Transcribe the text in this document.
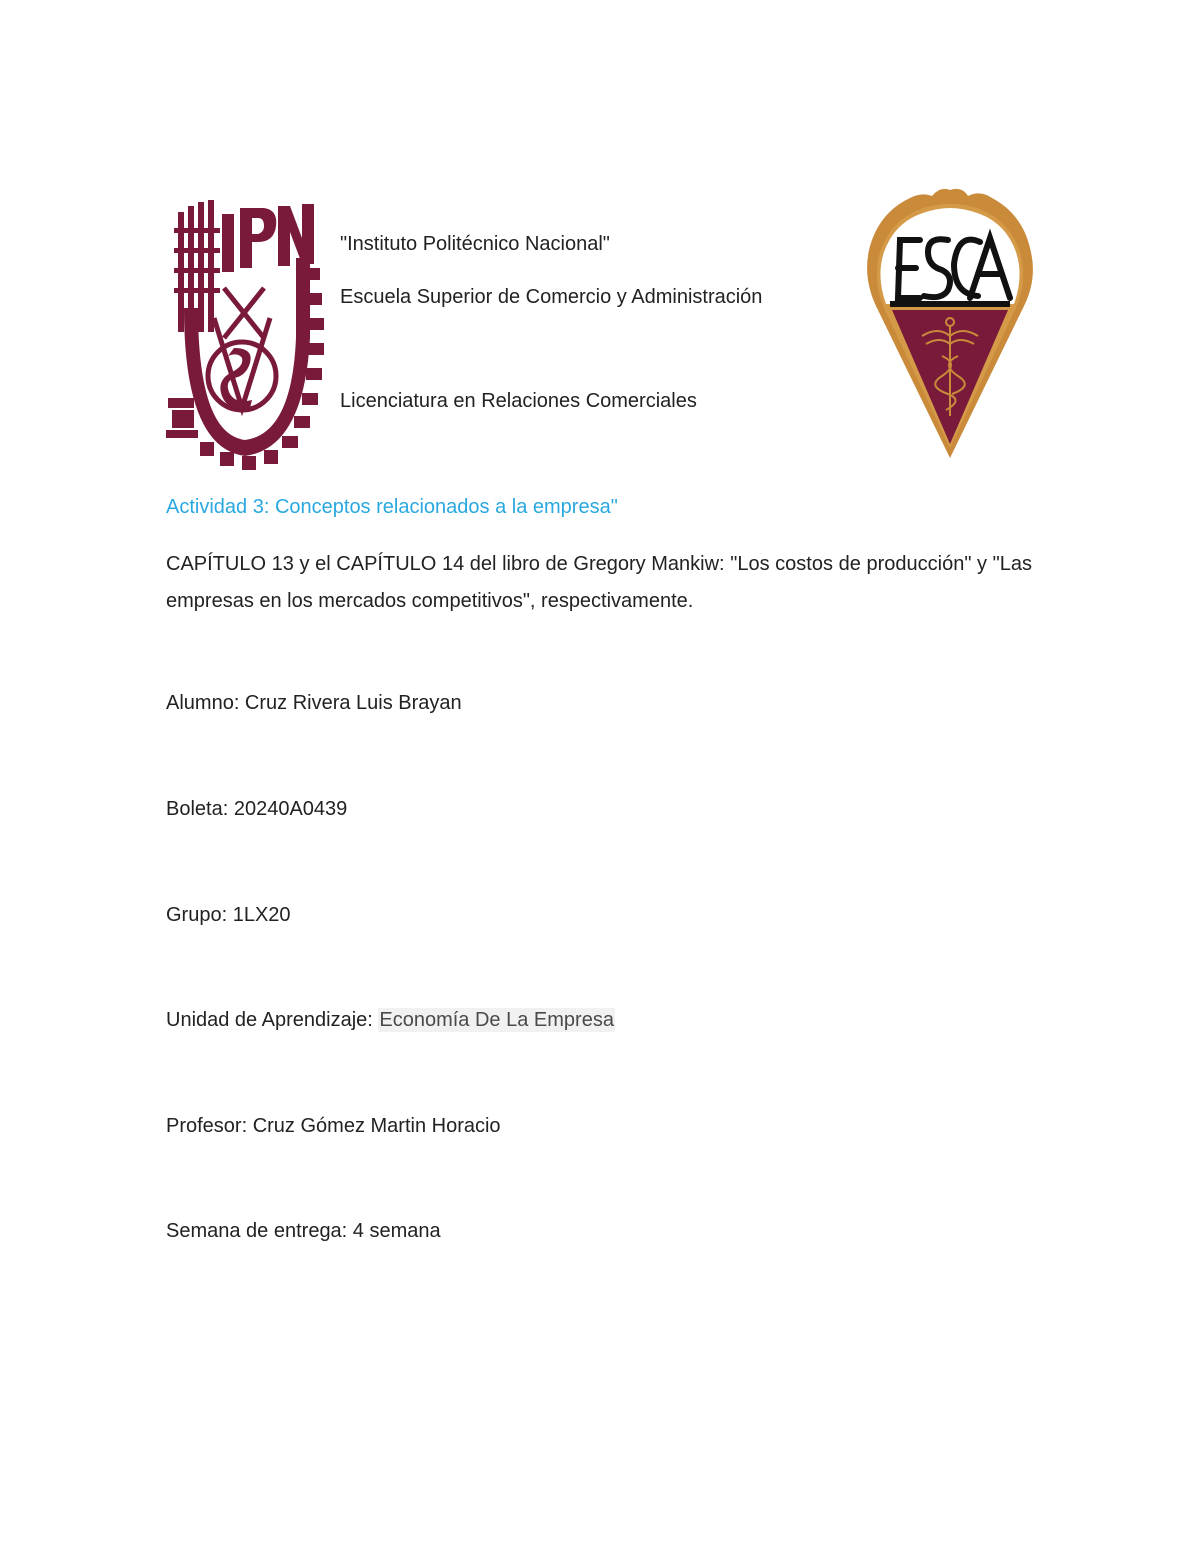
"Instituto Politécnico Nacional"
Escuela Superior de Comercio y Administración
Licenciatura en Relaciones Comerciales
Actividad 3: Conceptos relacionados a la empresa"
CAPÍTULO 13 y el CAPÍTULO 14 del libro de Gregory Mankiw: "Los costos de producción" y "Las empresas en los mercados competitivos", respectivamente.
Alumno: Cruz Rivera Luis Brayan
Boleta: 20240A0439
Grupo: 1LX20
Unidad de Aprendizaje: Economía De La Empresa
Profesor: Cruz Gómez Martin Horacio
Semana de entrega: 4 semana
